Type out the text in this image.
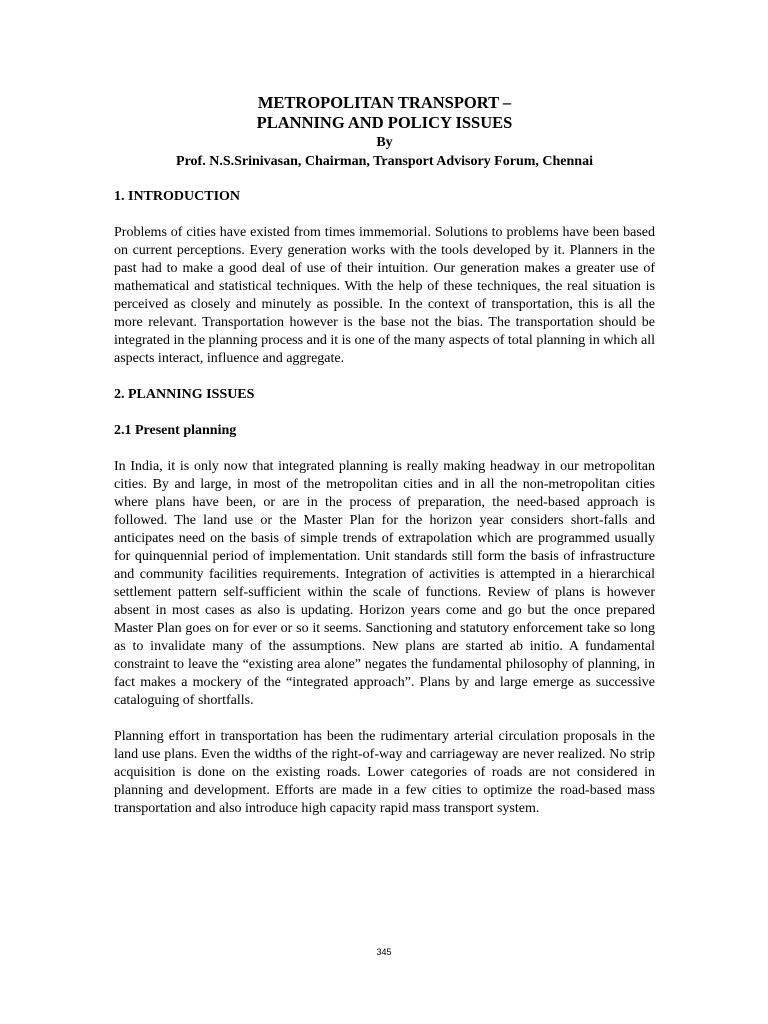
METROPOLITAN TRANSPORT –

PLANNING AND POLICY ISSUES

By

Prof. N.S.Srinivasan, Chairman, Transport Advisory Forum, Chennai

1. INTRODUCTION

Problems of cities have existed from times immemorial. Solutions to problems have been based on current perceptions. Every generation works with the tools developed by it. Planners in the past had to make a good deal of use of their intuition. Our generation makes a greater use of mathematical and statistical techniques. With the help of these techniques, the real situation is perceived as closely and minutely as possible. In the context of transportation, this is all the more relevant. Transportation however is the base not the bias. The transportation should be integrated in the planning process and it is one of the many aspects of total planning in which all aspects interact, influence and aggregate.

2. PLANNING ISSUES

2.1 Present planning

In India, it is only now that integrated planning is really making headway in our metropolitan cities. By and large, in most of the metropolitan cities and in all the non-metropolitan cities where plans have been, or are in the process of preparation, the need-based approach is followed. The land use or the Master Plan for the horizon year considers short-falls and anticipates need on the basis of simple trends of extrapolation which are programmed usually for quinquennial period of implementation. Unit standards still form the basis of infrastructure and community facilities requirements. Integration of activities is attempted in a hierarchical settlement pattern self-sufficient within the scale of functions. Review of plans is however absent in most cases as also is updating. Horizon years come and go but the once prepared Master Plan goes on for ever or so it seems. Sanctioning and statutory enforcement take so long as to invalidate many of the assumptions. New plans are started ab initio. A fundamental constraint to leave the “existing area alone” negates the fundamental philosophy of planning, in fact makes a mockery of the “integrated approach”. Plans by and large emerge as successive cataloguing of shortfalls.

Planning effort in transportation has been the rudimentary arterial circulation proposals in the land use plans. Even the widths of the right-of-way and carriageway are never realized. No strip acquisition is done on the existing roads. Lower categories of roads are not considered in planning and development. Efforts are made in a few cities to optimize the road-based mass transportation and also introduce high capacity rapid mass transport system.

345
